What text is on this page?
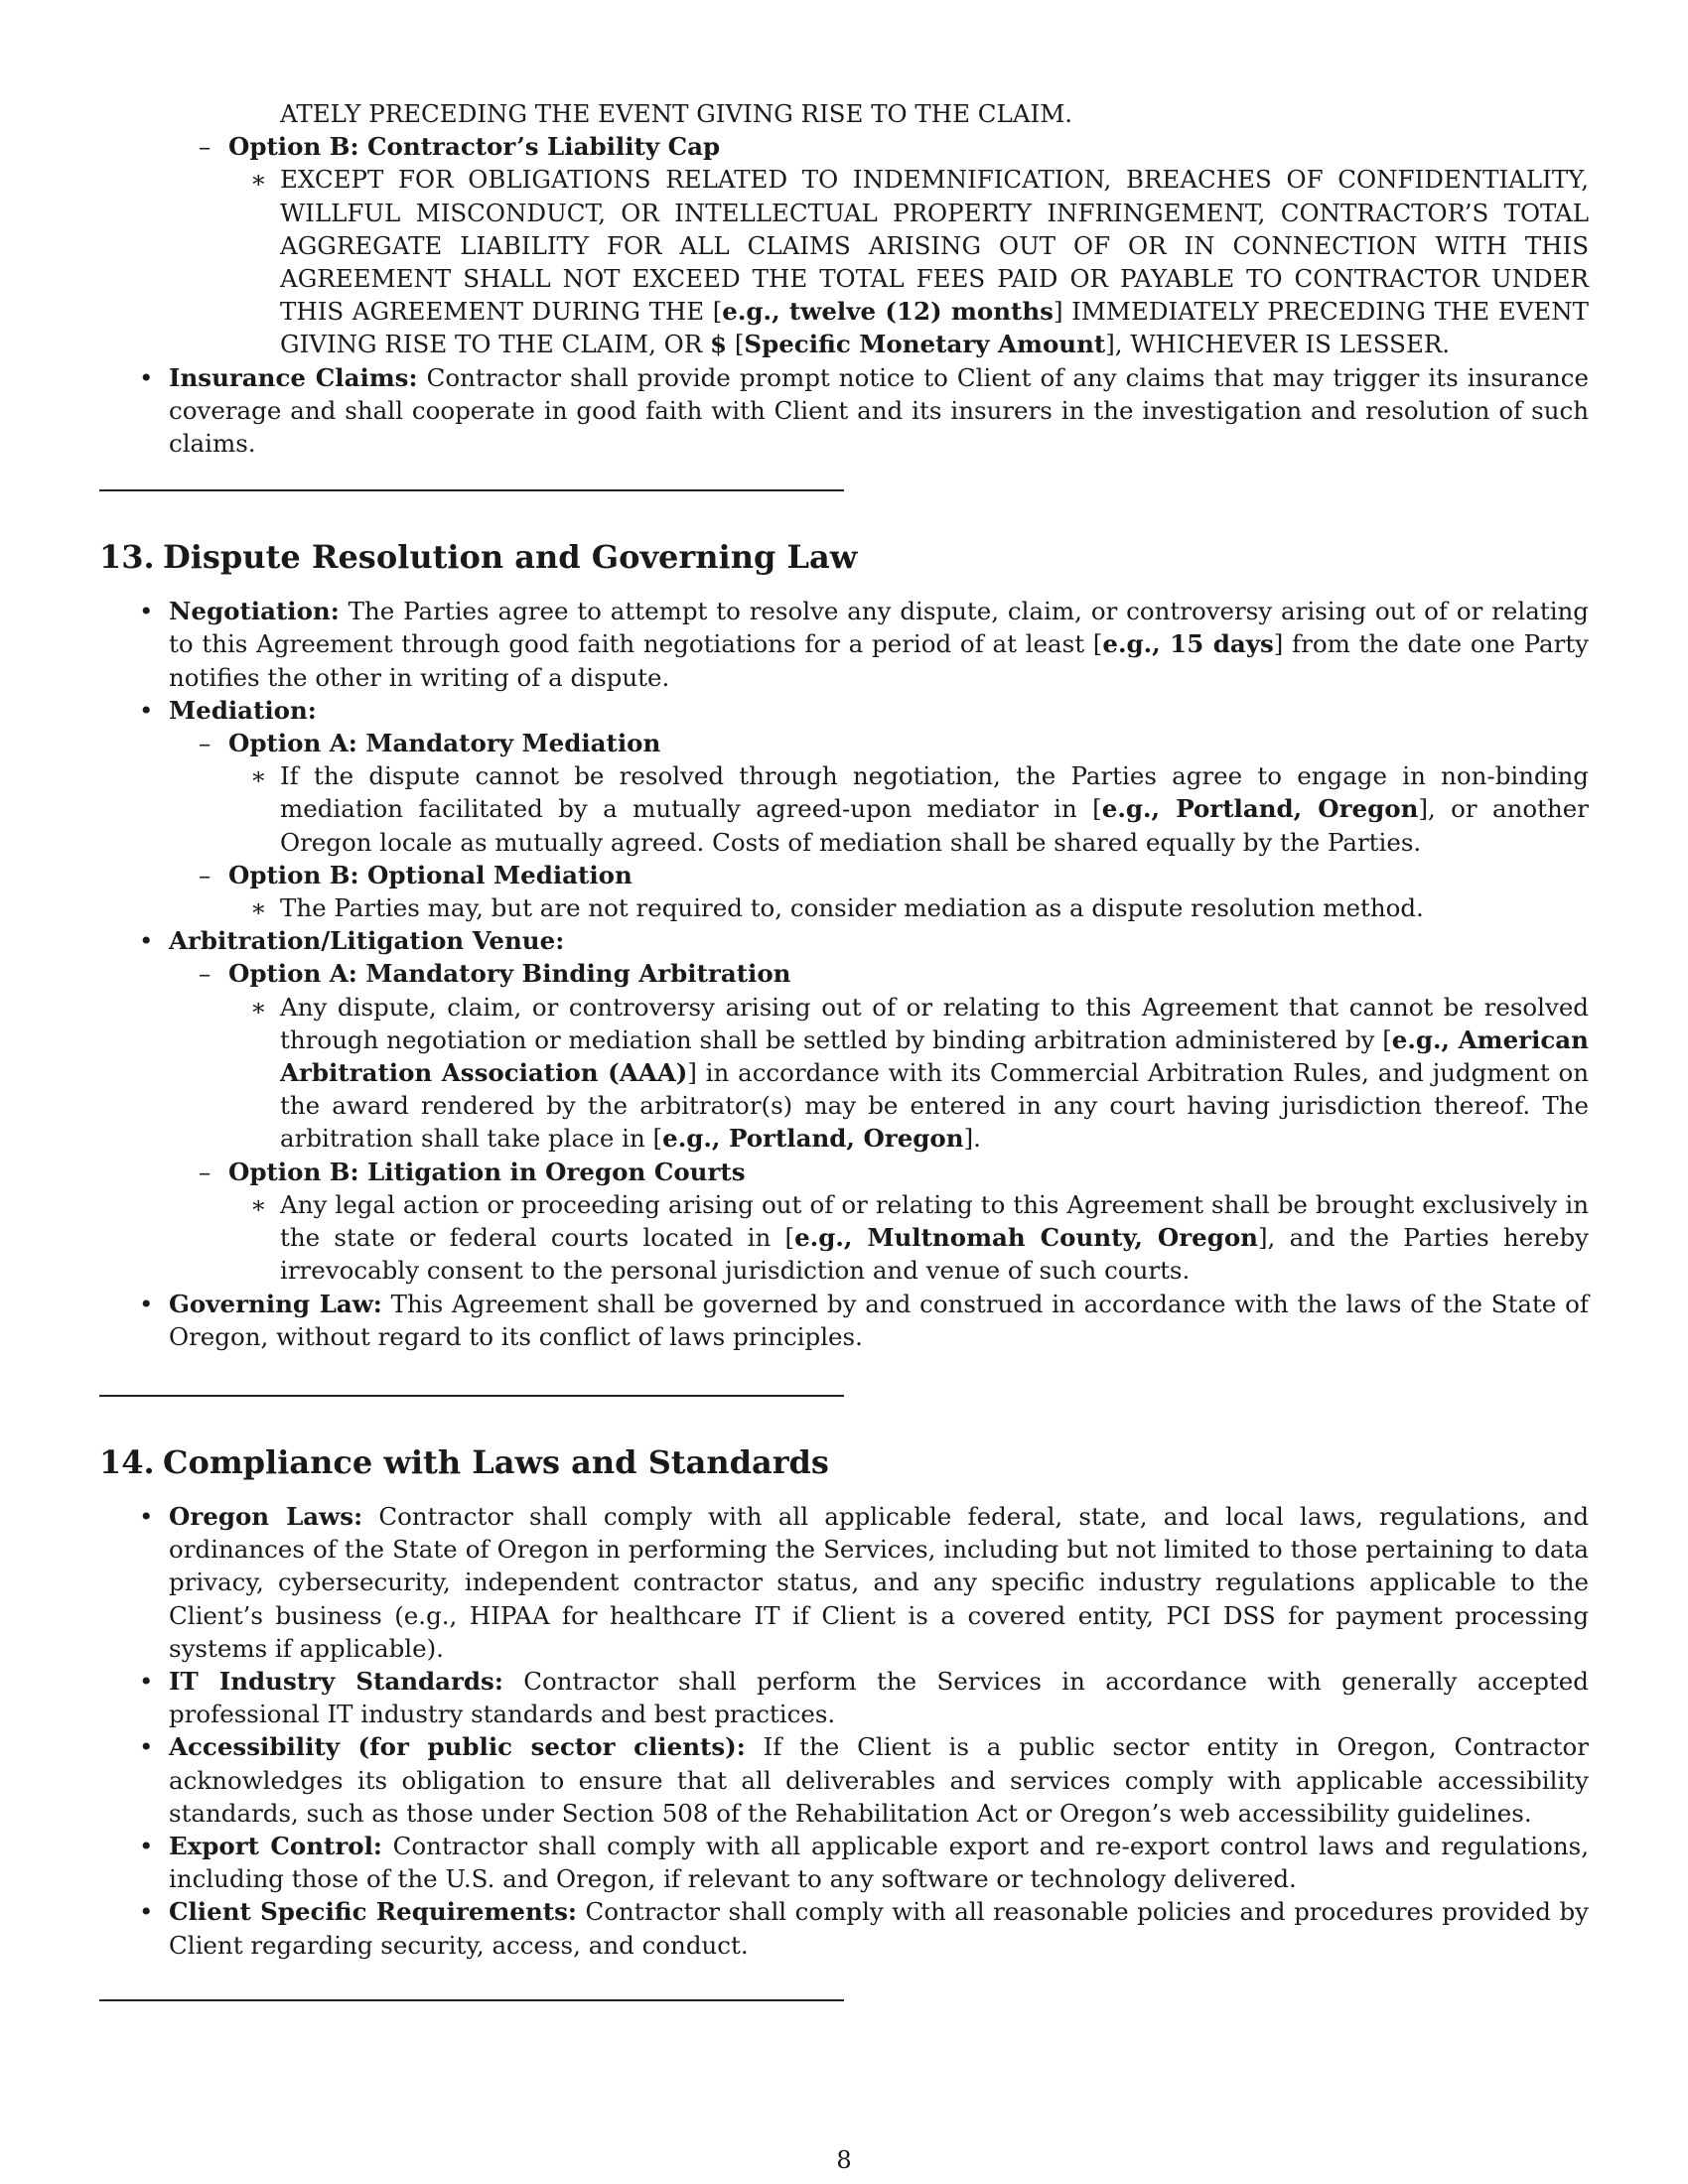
ATELY PRECEDING THE EVENT GIVING RISE TO THE CLAIM.
– Option B: Contractor’s Liability Cap
∗ EXCEPT FOR OBLIGATIONS RELATED TO INDEMNIFICATION, BREACHES OF CONFIDENTIALITY, WILLFUL MISCONDUCT, OR INTELLECTUAL PROPERTY INFRINGEMENT, CONTRACTOR’S TOTAL AGGREGATE LIABILITY FOR ALL CLAIMS ARISING OUT OF OR IN CONNECTION WITH THIS AGREEMENT SHALL NOT EXCEED THE TOTAL FEES PAID OR PAYABLE TO CONTRACTOR UNDER THIS AGREEMENT DURING THE [e.g., twelve (12) months] IMMEDIATELY PRECEDING THE EVENT GIVING RISE TO THE CLAIM, OR $ [Specific Monetary Amount], WHICHEVER IS LESSER.
• Insurance Claims: Contractor shall provide prompt notice to Client of any claims that may trigger its insurance coverage and shall cooperate in good faith with Client and its insurers in the investigation and resolution of such claims.
13. Dispute Resolution and Governing Law
• Negotiation: The Parties agree to attempt to resolve any dispute, claim, or controversy arising out of or relating to this Agreement through good faith negotiations for a period of at least [e.g., 15 days] from the date one Party notifies the other in writing of a dispute.
• Mediation:
– Option A: Mandatory Mediation
∗ If the dispute cannot be resolved through negotiation, the Parties agree to engage in non-binding mediation facilitated by a mutually agreed-upon mediator in [e.g., Portland, Oregon], or another Oregon locale as mutually agreed. Costs of mediation shall be shared equally by the Parties.
– Option B: Optional Mediation
∗ The Parties may, but are not required to, consider mediation as a dispute resolution method.
• Arbitration/Litigation Venue:
– Option A: Mandatory Binding Arbitration
∗ Any dispute, claim, or controversy arising out of or relating to this Agreement that cannot be resolved through negotiation or mediation shall be settled by binding arbitration administered by [e.g., American Arbitration Association (AAA)] in accordance with its Commercial Arbitration Rules, and judgment on the award rendered by the arbitrator(s) may be entered in any court having jurisdiction thereof. The arbitration shall take place in [e.g., Portland, Oregon].
– Option B: Litigation in Oregon Courts
∗ Any legal action or proceeding arising out of or relating to this Agreement shall be brought exclusively in the state or federal courts located in [e.g., Multnomah County, Oregon], and the Parties hereby irrevocably consent to the personal jurisdiction and venue of such courts.
• Governing Law: This Agreement shall be governed by and construed in accordance with the laws of the State of Oregon, without regard to its conflict of laws principles.
14. Compliance with Laws and Standards
• Oregon Laws: Contractor shall comply with all applicable federal, state, and local laws, regulations, and ordinances of the State of Oregon in performing the Services, including but not limited to those pertaining to data privacy, cybersecurity, independent contractor status, and any specific industry regulations applicable to the Client’s business (e.g., HIPAA for healthcare IT if Client is a covered entity, PCI DSS for payment processing systems if applicable).
• IT Industry Standards: Contractor shall perform the Services in accordance with generally accepted professional IT industry standards and best practices.
• Accessibility (for public sector clients): If the Client is a public sector entity in Oregon, Contractor acknowledges its obligation to ensure that all deliverables and services comply with applicable accessibility standards, such as those under Section 508 of the Rehabilitation Act or Oregon’s web accessibility guidelines.
• Export Control: Contractor shall comply with all applicable export and re-export control laws and regulations, including those of the U.S. and Oregon, if relevant to any software or technology delivered.
• Client Specific Requirements: Contractor shall comply with all reasonable policies and procedures provided by Client regarding security, access, and conduct.
8
